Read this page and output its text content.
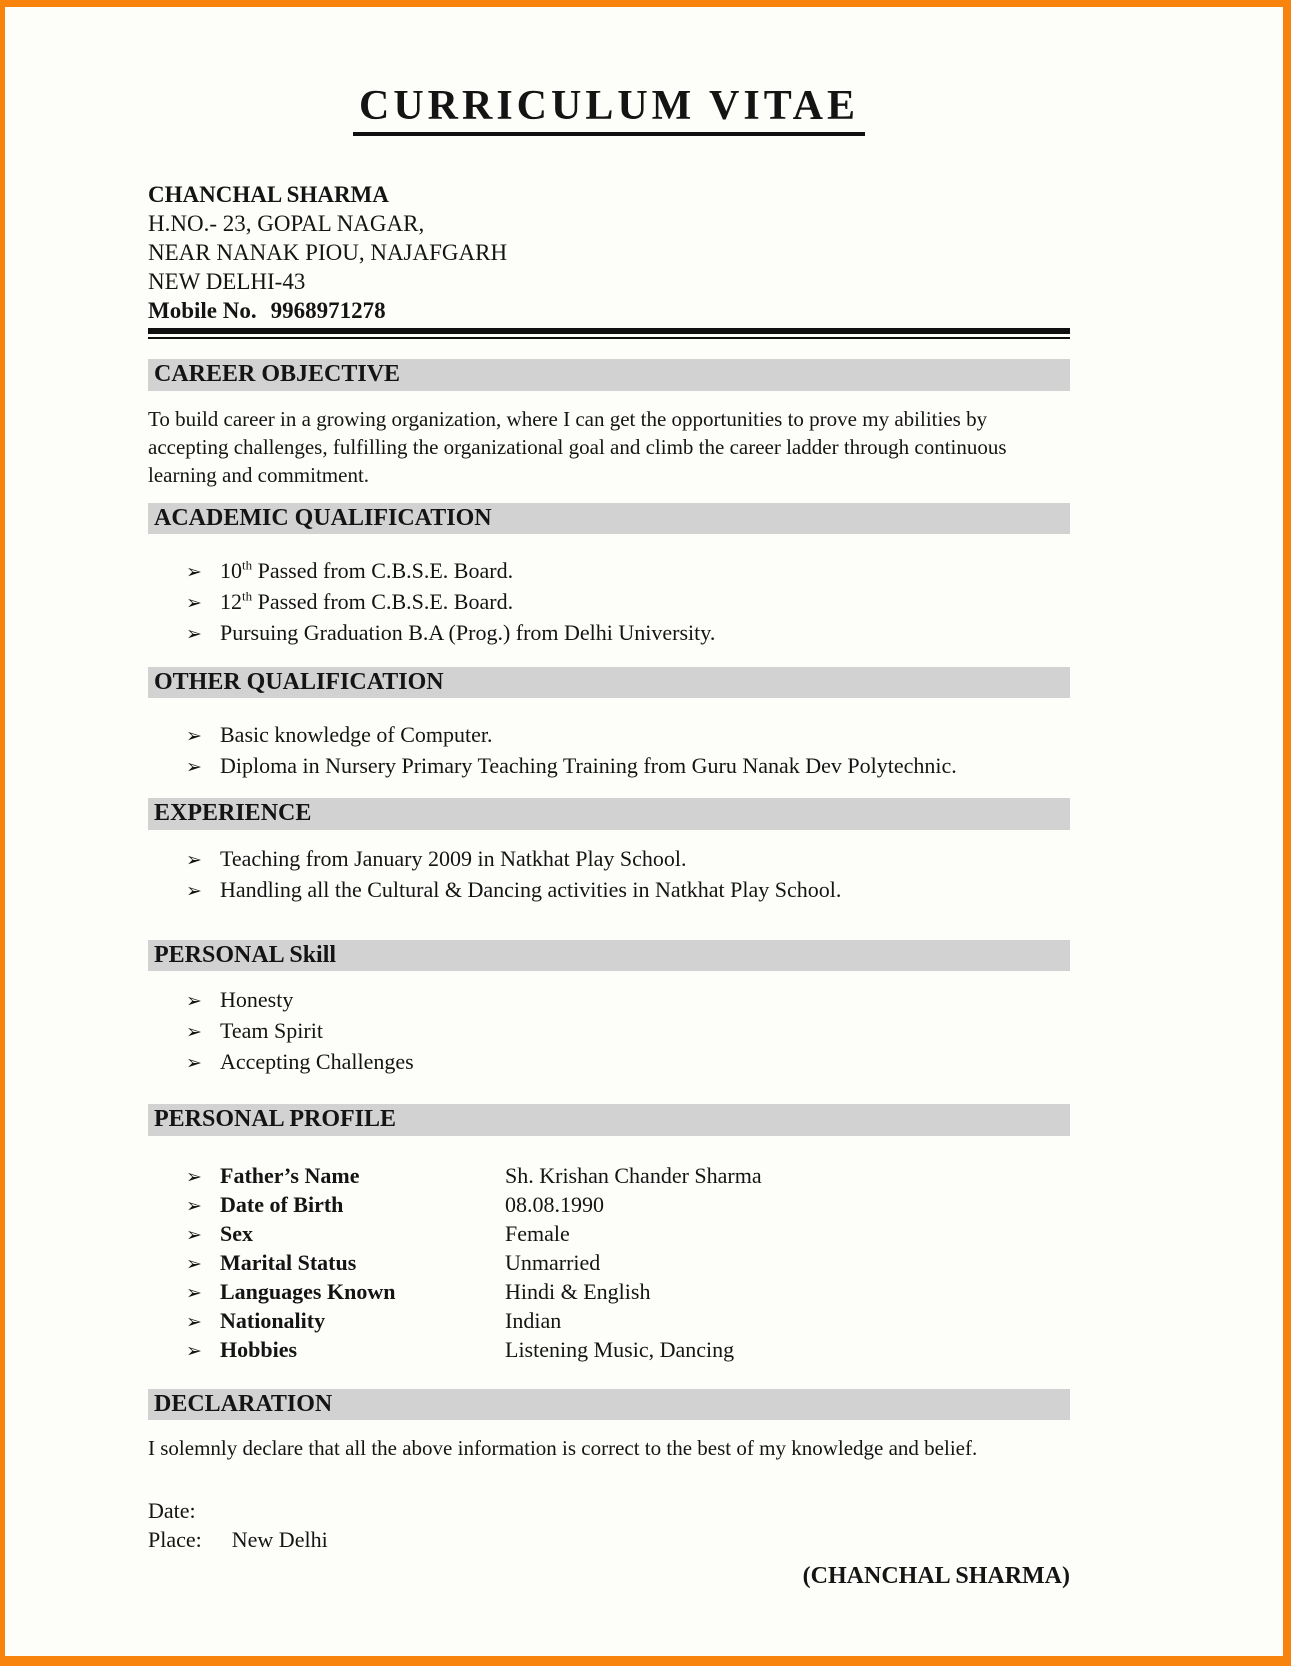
CURRICULUM VITAE
CHANCHAL SHARMA
H.NO.- 23, GOPAL NAGAR,
NEAR NANAK PIOU, NAJAFGARH
NEW DELHI-43
Mobile No. 9968971278
CAREER OBJECTIVE
To build career in a growing organization, where I can get the opportunities to prove my abilities by accepting challenges, fulfilling the organizational goal and climb the career ladder through continuous learning and commitment.
ACADEMIC QUALIFICATION
➢ 10th Passed from C.B.S.E. Board.
➢ 12th Passed from C.B.S.E. Board.
➢ Pursuing Graduation B.A (Prog.) from Delhi University.
OTHER QUALIFICATION
➢ Basic knowledge of Computer.
➢ Diploma in Nursery Primary Teaching Training from Guru Nanak Dev Polytechnic.
EXPERIENCE
➢ Teaching from January 2009 in Natkhat Play School.
➢ Handling all the Cultural & Dancing activities in Natkhat Play School.
PERSONAL Skill
➢ Honesty
➢ Team Spirit
➢ Accepting Challenges
PERSONAL PROFILE
➢ Father’s Name	Sh. Krishan Chander Sharma
➢ Date of Birth	08.08.1990
➢ Sex	Female
➢ Marital Status	Unmarried
➢ Languages Known	Hindi & English
➢ Nationality	Indian
➢ Hobbies	Listening Music, Dancing
DECLARATION
I solemnly declare that all the above information is correct to the best of my knowledge and belief.
Date:
Place: New Delhi
(CHANCHAL SHARMA)
